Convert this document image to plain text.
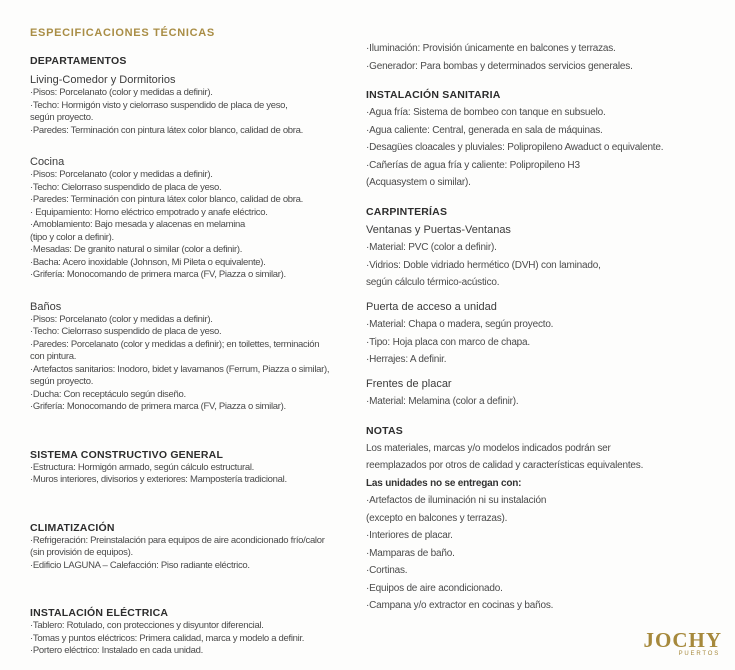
ESPECIFICACIONES TÉCNICAS

DEPARTAMENTOS

Living-Comedor y Dormitorios

·Pisos: Porcelanato (color y medidas a definir).

·Techo: Hormigón visto y cielorraso suspendido de placa de yeso,

según proyecto.

·Paredes: Terminación con pintura látex color blanco, calidad de obra.

Cocina

·Pisos: Porcelanato (color y medidas a definir).

·Techo: Cielorraso suspendido de placa de yeso.

·Paredes: Terminación con pintura látex color blanco, calidad de obra.

· Equipamiento: Horno eléctrico empotrado y anafe eléctrico.

·Amoblamiento: Bajo mesada y alacenas en melamina

(tipo y color a definir).

·Mesadas: De granito natural o similar (color a definir).

·Bacha: Acero inoxidable (Johnson, Mi Pileta o equivalente).

·Grifería: Monocomando de primera marca (FV, Piazza o similar).

Baños

·Pisos: Porcelanato (color y medidas a definir).

·Techo: Cielorraso suspendido de placa de yeso.

·Paredes: Porcelanato (color y medidas a definir); en toilettes, terminación

con pintura.

·Artefactos sanitarios: Inodoro, bidet y lavamanos (Ferrum, Piazza o similar),

según proyecto.

·Ducha: Con receptáculo según diseño.

·Grifería: Monocomando de primera marca (FV, Piazza o similar).

SISTEMA CONSTRUCTIVO GENERAL

·Estructura: Hormigón armado, según cálculo estructural.

·Muros interiores, divisorios y exteriores: Mampostería tradicional.

CLIMATIZACIÓN

·Refrigeración: Preinstalación para equipos de aire acondicionado frío/calor

(sin provisión de equipos).

·Edificio LAGUNA – Calefacción: Piso radiante eléctrico.

INSTALACIÓN ELÉCTRICA

·Tablero: Rotulado, con protecciones y disyuntor diferencial.

·Tomas y puntos eléctricos: Primera calidad, marca y modelo a definir.

·Portero eléctrico: Instalado en cada unidad.

·Iluminación: Provisión únicamente en balcones y terrazas.

·Generador: Para bombas y determinados servicios generales.

INSTALACIÓN SANITARIA

·Agua fría: Sistema de bombeo con tanque en subsuelo.

·Agua caliente: Central, generada en sala de máquinas.

·Desagües cloacales y pluviales: Polipropileno Awaduct o equivalente.

·Cañerías de agua fría y caliente: Polipropileno H3

(Acquasystem o similar).

CARPINTERÍAS

Ventanas y Puertas-Ventanas

·Material: PVC (color a definir).

·Vidrios: Doble vidriado hermético (DVH) con laminado,

según cálculo térmico-acústico.

Puerta de acceso a unidad

·Material: Chapa o madera, según proyecto.

·Tipo: Hoja placa con marco de chapa.

·Herrajes: A definir.

Frentes de placar

·Material: Melamina (color a definir).

NOTAS

Los materiales, marcas y/o modelos indicados podrán ser

reemplazados por otros de calidad y características equivalentes.

Las unidades no se entregan con:

·Artefactos de iluminación ni su instalación

(excepto en balcones y terrazas).

·Interiores de placar.

·Mamparas de baño.

·Cortinas.

·Equipos de aire acondicionado.

·Campana y/o extractor en cocinas y baños.

JOCHY

PUERTOS
